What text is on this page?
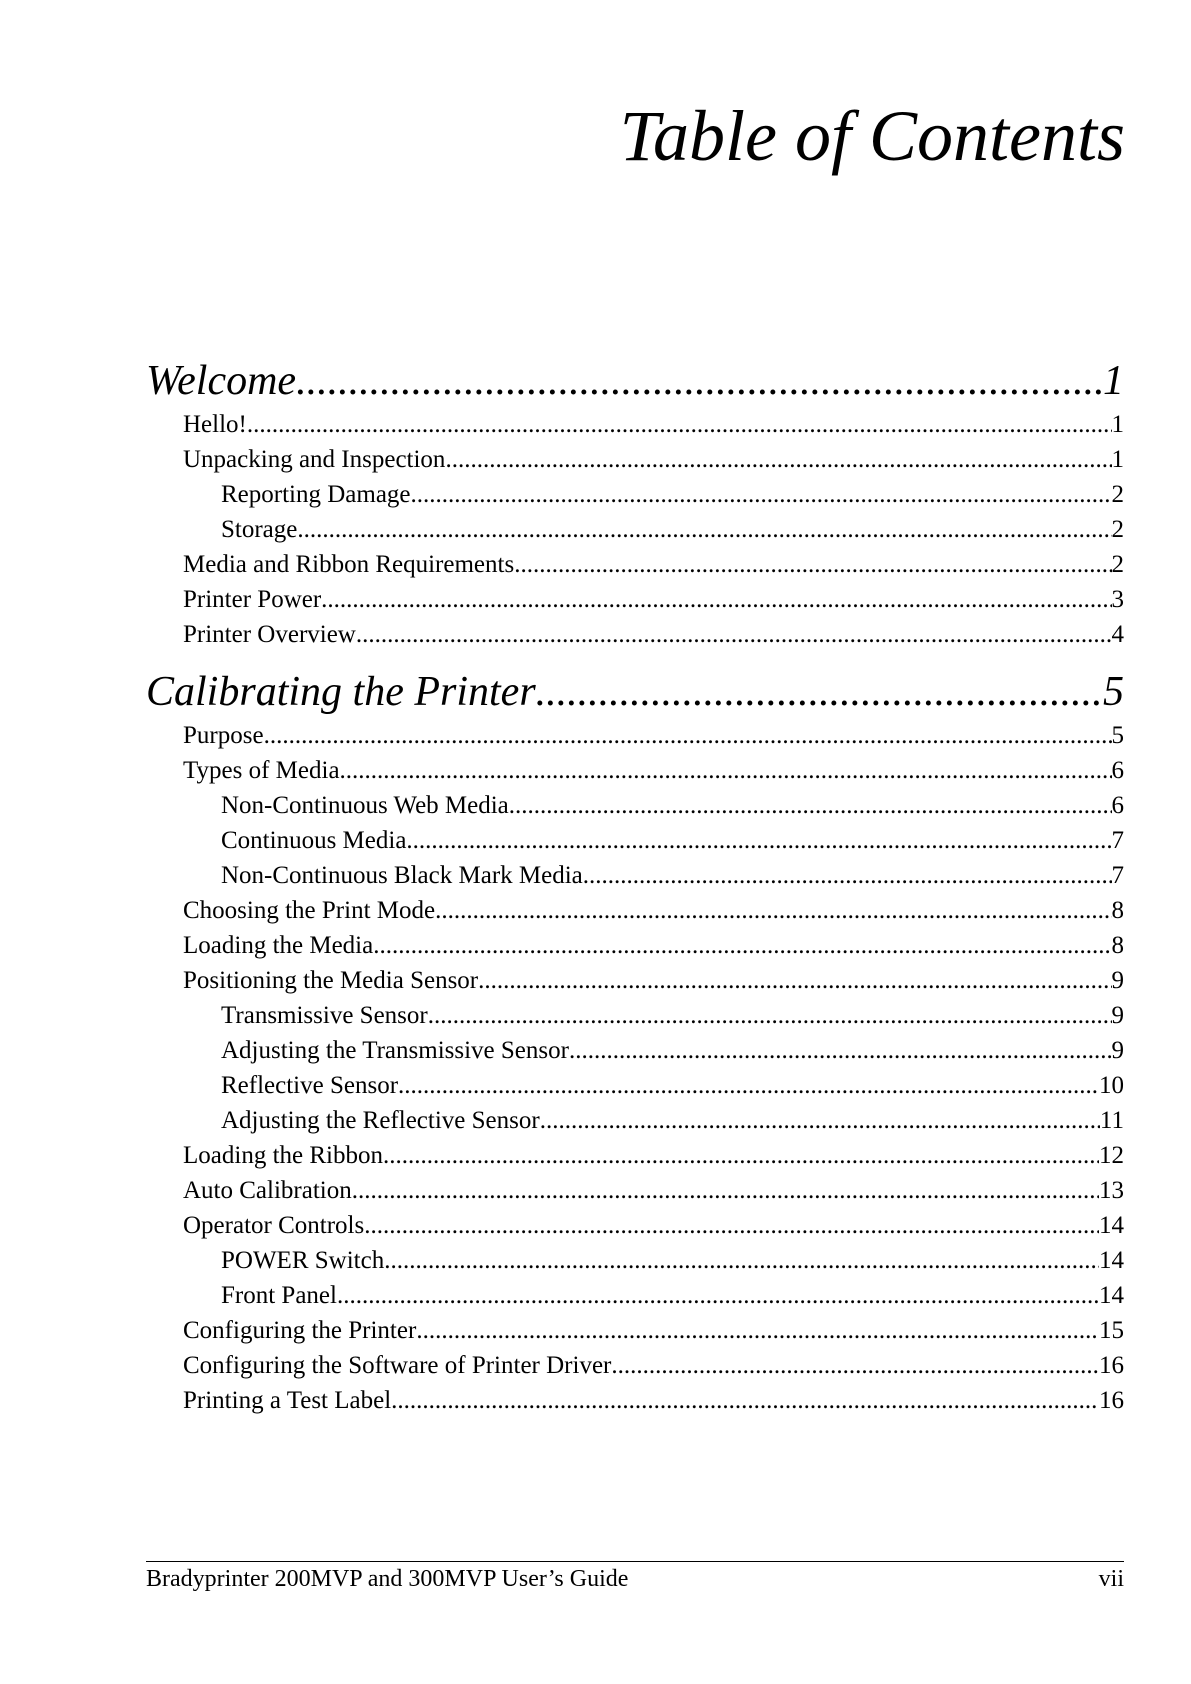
Table of Contents
Welcome .....	1
Hello! .....	1
Unpacking and Inspection .....	1
Reporting Damage .....	2
Storage .....	2
Media and Ribbon Requirements .....	2
Printer Power .....	3
Printer Overview .....	4
Calibrating the Printer .....	5
Purpose .....	5
Types of Media .....	6
Non-Continuous Web Media .....	6
Continuous Media .....	7
Non-Continuous Black Mark Media .....	7
Choosing the Print Mode .....	8
Loading the Media .....	8
Positioning the Media Sensor .....	9
Transmissive Sensor .....	9
Adjusting the Transmissive Sensor .....	9
Reflective Sensor .....	10
Adjusting the Reflective Sensor .....	11
Loading the Ribbon .....	12
Auto Calibration .....	13
Operator Controls .....	14
POWER Switch .....	14
Front Panel .....	14
Configuring the Printer .....	15
Configuring the Software of Printer Driver .....	16
Printing a Test Label .....	16
Bradyprinter 200MVP and 300MVP User’s Guide	vii
